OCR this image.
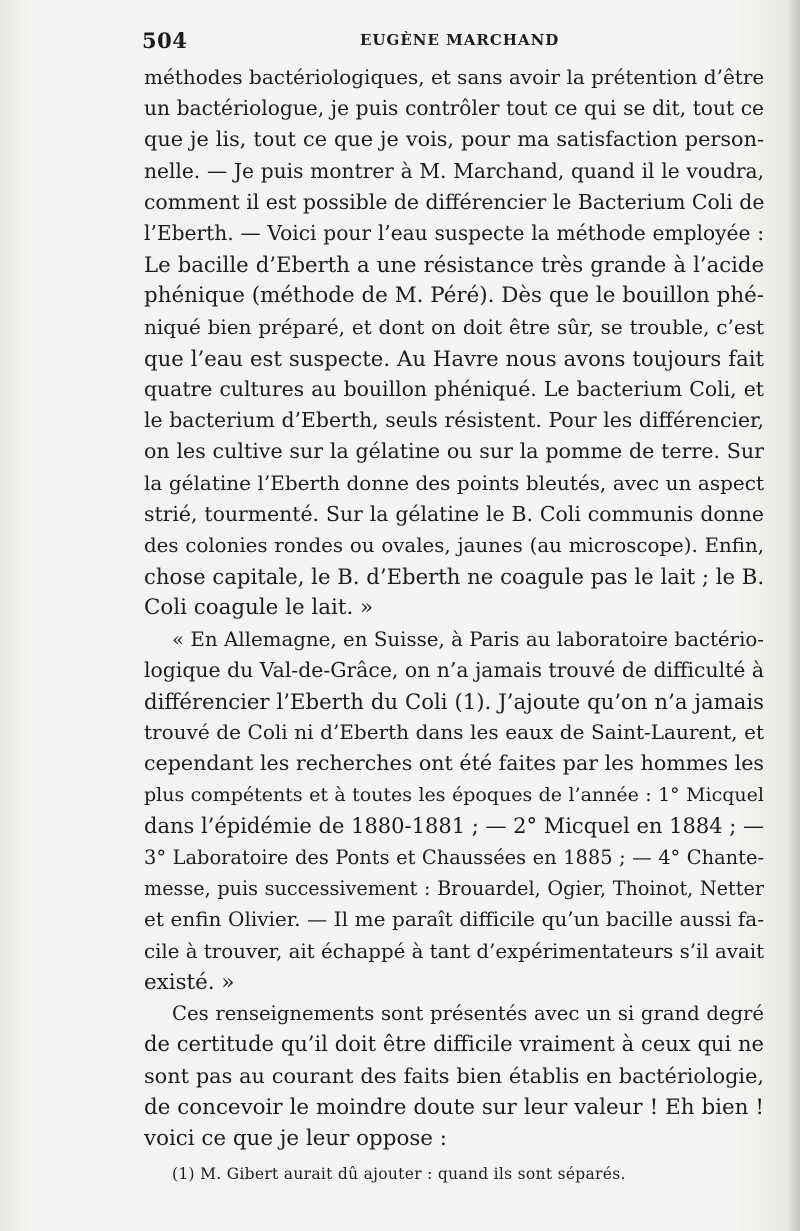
504	EUGÈNE MARCHAND
méthodes bactériologiques, et sans avoir la prétention d’être
un bactériologue, je puis contrôler tout ce qui se dit, tout ce
que je lis, tout ce que je vois, pour ma satisfaction person-
nelle. — Je puis montrer à M. Marchand, quand il le voudra,
comment il est possible de différencier le Bacterium Coli de
l’Eberth. — Voici pour l’eau suspecte la méthode employée :
Le bacille d’Eberth a une résistance très grande à l’acide
phénique (méthode de M. Péré). Dès que le bouillon phé-
niqué bien préparé, et dont on doit être sûr, se trouble, c’est
que l’eau est suspecte. Au Havre nous avons toujours fait
quatre cultures au bouillon phéniqué. Le bacterium Coli, et
le bacterium d’Eberth, seuls résistent. Pour les différencier,
on les cultive sur la gélatine ou sur la pomme de terre. Sur
la gélatine l’Eberth donne des points bleutés, avec un aspect
strié, tourmenté. Sur la gélatine le B. Coli communis donne
des colonies rondes ou ovales, jaunes (au microscope). Enfin,
chose capitale, le B. d’Eberth ne coagule pas le lait ; le B.
Coli coagule le lait. »
« En Allemagne, en Suisse, à Paris au laboratoire bactério-
logique du Val-de-Grâce, on n’a jamais trouvé de difficulté à
différencier l’Eberth du Coli (1). J’ajoute qu’on n’a jamais
trouvé de Coli ni d’Eberth dans les eaux de Saint-Laurent, et
cependant les recherches ont été faites par les hommes les
plus compétents et à toutes les époques de l’année : 1° Micquel
dans l’épidémie de 1880-1881 ; — 2° Micquel en 1884 ; —
3° Laboratoire des Ponts et Chaussées en 1885 ; — 4° Chante-
messe, puis successivement : Brouardel, Ogier, Thoinot, Netter
et enfin Olivier. — Il me paraît difficile qu’un bacille aussi fa-
cile à trouver, ait échappé à tant d’expérimentateurs s’il avait
existé. »
Ces renseignements sont présentés avec un si grand degré
de certitude qu’il doit être difficile vraiment à ceux qui ne
sont pas au courant des faits bien établis en bactériologie,
de concevoir le moindre doute sur leur valeur ! Eh bien !
voici ce que je leur oppose :
(1) M. Gibert aurait dû ajouter : quand ils sont séparés.
